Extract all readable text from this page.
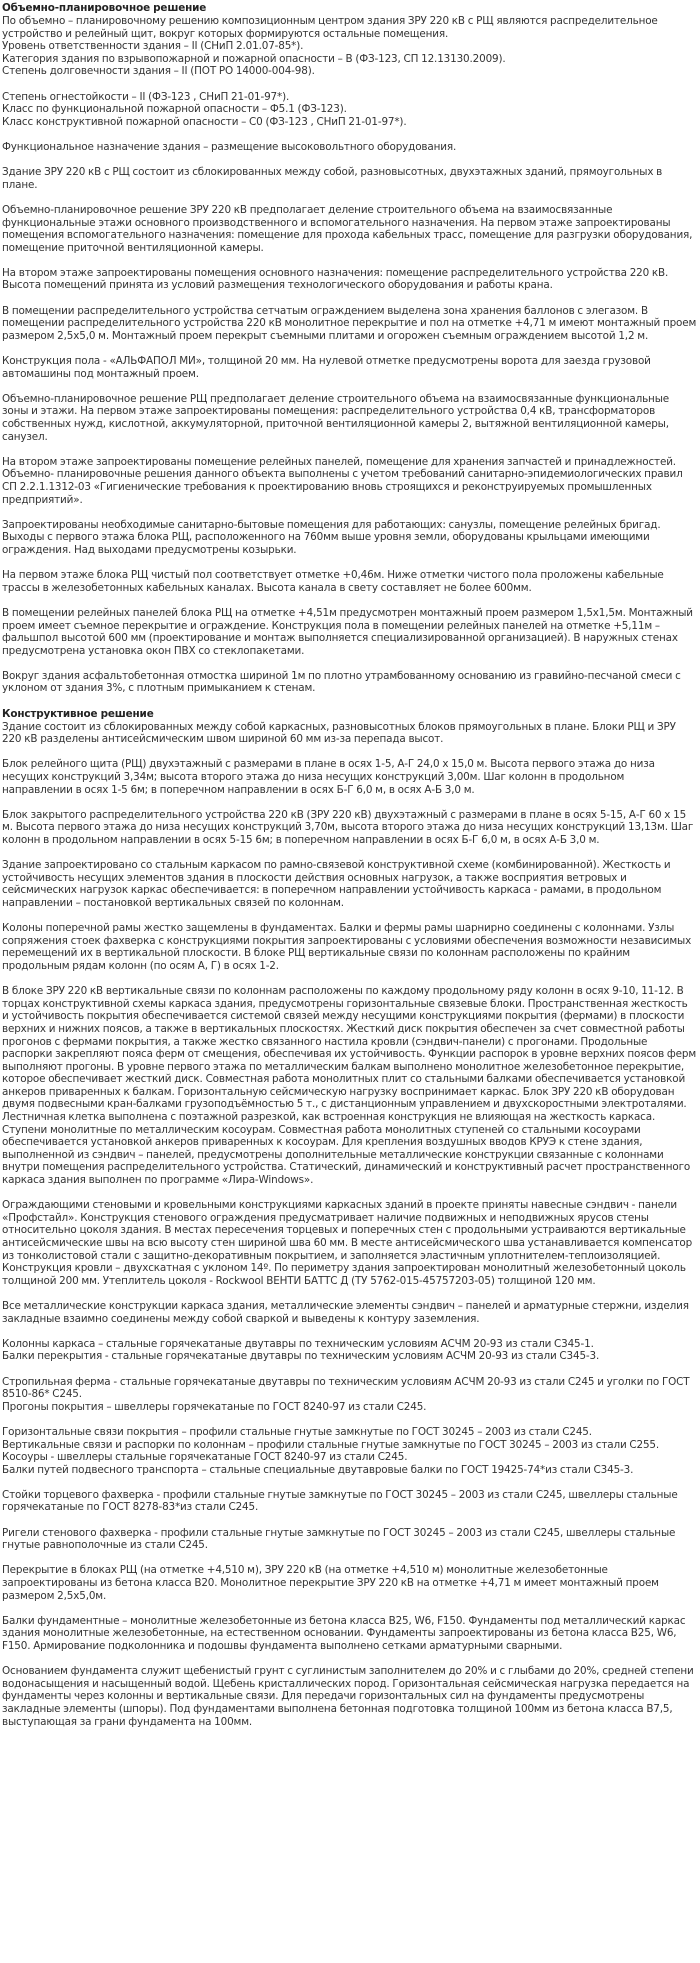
Объемно-планировочное решение

По объемно – планировочному решению композиционным центром здания ЗРУ 220 кВ с РЩ являются распределительное устройство и релейный щит, вокруг которых формируются остальные помещения.
Уровень ответственности здания – II (СНиП 2.01.07-85*).
Категория здания по взрывопожарной и пожарной опасности – В (ФЗ-123, СП 12.13130.2009).
Степень долговечности здания – II (ПОТ РО 14000-004-98).

Степень огнестойкости – II (ФЗ-123 , СНиП 21-01-97*).
Класс по функциональной пожарной опасности – Ф5.1 (ФЗ-123).
Класс конструктивной пожарной опасности – С0 (ФЗ-123 , СНиП 21-01-97*).

Функциональное назначение здания – размещение высоковольтного оборудования.

Здание ЗРУ 220 кВ с РЩ состоит из сблокированных между собой, разновысотных, двухэтажных зданий, прямоугольных в плане.

Объемно-планировочное решение ЗРУ 220 кВ предполагает деление строительного объема на взаимосвязанные функциональные этажи основного производственного и вспомогательного назначения. На первом этаже запроектированы помещения вспомогательного назначения: помещение для прохода кабельных трасс, помещение для разгрузки оборудования, помещение приточной вентиляционной камеры.

На втором этаже запроектированы помещения основного назначения: помещение распределительного устройства 220 кВ. Высота помещений принята из условий размещения технологического оборудования и работы крана.

В помещении распределительного устройства сетчатым ограждением выделена зона хранения баллонов с элегазом. В помещении распределительного устройства 220 кВ монолитное перекрытие и пол на отметке +4,71 м имеют монтажный проем размером 2,5х5,0 м. Монтажный проем перекрыт съемными плитами и огорожен съемным ограждением высотой 1,2 м.

Конструкция пола - «АЛЬФАПОЛ МИ», толщиной 20 мм. На нулевой отметке предусмотрены ворота для заезда грузовой автомашины под монтажный проем.

Объемно-планировочное решение РЩ предполагает деление строительного объема на взаимосвязанные функциональные зоны и этажи. На первом этаже запроектированы помещения: распределительного устройства 0,4 кВ, трансформаторов собственных нужд, кислотной, аккумуляторной, приточной вентиляционной камеры 2, вытяжной вентиляционной камеры, санузел.

На втором этаже запроектированы помещение релейных панелей, помещение для хранения запчастей и принадлежностей. Объемно- планировочные решения данного объекта выполнены с учетом требований санитарно-эпидемиологических правил СП 2.2.1.1312-03 «Гигиенические требования к проектированию вновь строящихся и реконструируемых промышленных предприятий».

Запроектированы необходимые санитарно-бытовые помещения для работающих: санузлы, помещение релейных бригад. Выходы с первого этажа блока РЩ, расположенного на 760мм выше уровня земли, оборудованы крыльцами имеющими ограждения. Над выходами предусмотрены козырьки.

На первом этаже блока РЩ чистый пол соответствует отметке +0,46м. Ниже отметки чистого пола проложены кабельные трассы в железобетонных кабельных каналах. Высота канала в свету составляет не более 600мм.

В помещении релейных панелей блока РЩ на отметке +4,51м предусмотрен монтажный проем размером 1,5х1,5м. Монтажный проем имеет съемное перекрытие и ограждение. Конструкция пола в помещении релейных панелей на отметке +5,11м – фальшпол высотой 600 мм (проектирование и монтаж выполняется специализированной организацией). В наружных стенах предусмотрена установка окон ПВХ со стеклопакетами.

Вокруг здания асфальтобетонная отмостка шириной 1м по плотно утрамбованному основанию из гравийно-песчаной смеси с уклоном от здания 3%, с плотным примыканием к стенам.

Конструктивное решение

Здание состоит из сблокированных между собой каркасных, разновысотных блоков прямоугольных в плане. Блоки РЩ и ЗРУ 220 кВ разделены антисейсмическим швом шириной 60 мм из-за перепада высот.

Блок релейного щита (РЩ) двухэтажный с размерами в плане в осях 1-5, А-Г 24,0 х 15,0 м. Высота первого этажа до низа несущих конструкций 3,34м; высота второго этажа до низа несущих конструкций 3,00м. Шаг колонн в продольном направлении в осях 1-5 6м; в поперечном направлении в осях Б-Г 6,0 м, в осях А-Б 3,0 м.

Блок закрытого распределительного устройства 220 кВ (ЗРУ 220 кВ) двухэтажный с размерами в плане в осях 5-15, А-Г 60 х 15 м. Высота первого этажа до низа несущих конструкций 3,70м, высота второго этажа до низа несущих конструкций 13,13м. Шаг колонн в продольном направлении в осях 5-15 6м; в поперечном направлении в осях Б-Г 6,0 м, в осях А-Б 3,0 м.

Здание запроектировано со стальным каркасом по рамно-связевой конструктивной схеме (комбинированной). Жесткость и устойчивость несущих элементов здания в плоскости действия основных нагрузок, а также восприятия ветровых и сейсмических нагрузок каркас обеспечивается: в поперечном направлении устойчивость каркаса - рамами, в продольном направлении – постановкой вертикальных связей по колоннам.

Колоны поперечной рамы жестко защемлены в фундаментах. Балки и фермы рамы шарнирно соединены с колоннами. Узлы сопряжения стоек фахверка с конструкциями покрытия запроектированы с условиями обеспечения возможности независимых перемещений их в вертикальной плоскости. В блоке РЩ вертикальные связи по колоннам расположены по крайним продольным рядам колонн (по осям А, Г) в осях 1-2.

В блоке ЗРУ 220 кВ вертикальные связи по колоннам расположены по каждому продольному ряду колонн в осях 9-10, 11-12. В торцах конструктивной схемы каркаса здания, предусмотрены горизонтальные связевые блоки. Пространственная жесткость и устойчивость покрытия обеспечивается системой связей между несущими конструкциями покрытия (фермами) в плоскости верхних и нижних поясов, а также в вертикальных плоскостях. Жесткий диск покрытия обеспечен за счет совместной работы прогонов с фермами покрытия, а также жестко связанного настила кровли (сэндвич-панели) с прогонами. Продольные распорки закрепляют пояса ферм от смещения, обеспечивая их устойчивость. Функции распорок в уровне верхних поясов ферм выполняют прогоны. В уровне первого этажа по металлическим балкам выполнено монолитное железобетонное перекрытие, которое обеспечивает жесткий диск. Совместная работа монолитных плит со стальными балками обеспечивается установкой анкеров приваренных к балкам. Горизонтальную сейсмическую нагрузку воспринимает каркас. Блок ЗРУ 220 кВ оборудован двумя подвесными кран-балками грузоподъёмностью 5 т., с дистанционным управлением и двухскоростными электроталями. Лестничная клетка выполнена с поэтажной разрезкой, как встроенная конструкция не влияющая на жесткость каркаса. Ступени монолитные по металлическим косоурам. Совместная работа монолитных ступеней со стальными косоурами обеспечивается установкой анкеров приваренных к косоурам. Для крепления воздушных вводов КРУЭ к стене здания, выполненной из сэндвич – панелей, предусмотрены дополнительные металлические конструкции связанные с колоннами внутри помещения распределительного устройства. Статический, динамический и конструктивный расчет пространственного каркаса здания выполнен по программе «Лира-Windows».

Ограждающими стеновыми и кровельными конструкциями каркасных зданий в проекте приняты навесные сэндвич - панели «Профстайл». Конструкция стенового ограждения предусматривает наличие подвижных и неподвижных ярусов стены относительно цоколя здания. В местах пересечения торцевых и поперечных стен с продольными устраиваются вертикальные антисейсмические швы на всю высоту стен шириной шва 60 мм. В месте антисейсмического шва устанавливается компенсатор из тонколистовой стали с защитно-декоративным покрытием, и заполняется эластичным уплотнителем-теплоизоляцией. Конструкция кровли – двухскатная с уклоном 14º. По периметру здания запроектирован монолитный железобетонный цоколь толщиной 200 мм. Утеплитель цоколя - Rockwool ВЕНТИ БАТТС Д (ТУ 5762-015-45757203-05) толщиной 120 мм.

Все металлические конструкции каркаса здания, металлические элементы сэндвич – панелей и арматурные стержни, изделия закладные взаимно соединены между собой сваркой и выведены к контуру заземления.

Колонны каркаса – стальные горячекатаные двутавры по техническим условиям АСЧМ 20-93 из стали С345-1.
Балки перекрытия - стальные горячекатаные двутавры по техническим условиям АСЧМ 20-93 из стали С345-3.

Стропильная ферма - стальные горячекатаные двутавры по техническим условиям АСЧМ 20-93 из стали С245 и уголки по ГОСТ 8510-86* С245.
Прогоны покрытия – швеллеры горячекатаные по ГОСТ 8240-97 из стали С245.

Горизонтальные связи покрытия – профили стальные гнутые замкнутые по ГОСТ 30245 – 2003 из стали С245.
Вертикальные связи и распорки по колоннам – профили стальные гнутые замкнутые по ГОСТ 30245 – 2003 из стали С255.
Косоуры - швеллеры стальные горячекатаные ГОСТ 8240-97 из стали С245.
Балки путей подвесного транспорта – стальные специальные двутавровые балки по ГОСТ 19425-74*из стали С345-3.

Стойки торцевого фахверка - профили стальные гнутые замкнутые по ГОСТ 30245 – 2003 из стали С245, швеллеры стальные горячекатаные по ГОСТ 8278-83*из стали С245.

Ригели стенового фахверка - профили стальные гнутые замкнутые по ГОСТ 30245 – 2003 из стали С245, швеллеры стальные гнутые равнополочные из стали С245.

Перекрытие в блоках РЩ (на отметке +4,510 м), ЗРУ 220 кВ (на отметке +4,510 м) монолитные железобетонные запроектированы из бетона класса В20. Монолитное перекрытие ЗРУ 220 кВ на отметке +4,71 м имеет монтажный проем размером 2,5х5,0м.

Балки фундаментные – монолитные железобетонные из бетона класса В25, W6, F150. Фундаменты под металлический каркас здания монолитные железобетонные, на естественном основании. Фундаменты запроектированы из бетона класса В25, W6, F150. Армирование подколонника и подошвы фундамента выполнено сетками арматурными сварными.

Основанием фундамента служит щебенистый грунт с суглинистым заполнителем до 20% и с глыбами до 20%, средней степени водонасыщения и насыщенный водой. Щебень кристаллических пород. Горизонтальная сейсмическая нагрузка передается на фундаменты через колонны и вертикальные связи. Для передачи горизонтальных сил на фундаменты предусмотрены закладные элементы (шпоры). Под фундаментами выполнена бетонная подготовка толщиной 100мм из бетона класса В7,5, выступающая за грани фундамента на 100мм.
